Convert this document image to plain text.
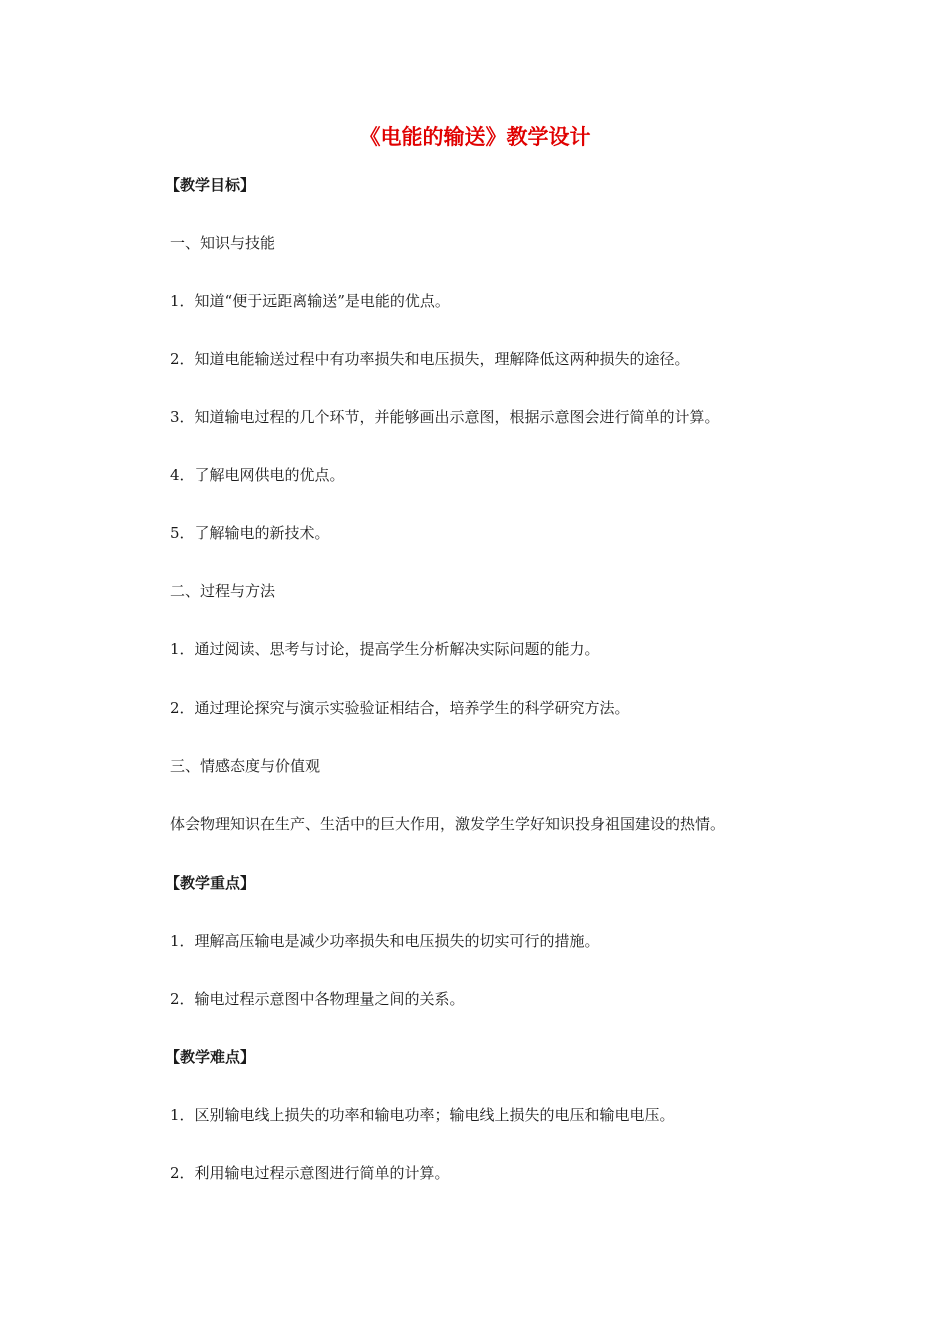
《电能的输送》教学设计
【教学目标】
一、知识与技能
1．知道“便于远距离输送”是电能的优点。
2．知道电能输送过程中有功率损失和电压损失，理解降低这两种损失的途径。
3．知道输电过程的几个环节，并能够画出示意图，根据示意图会进行简单的计算。
4．了解电网供电的优点。
5．了解输电的新技术。
二、过程与方法
1．通过阅读、思考与讨论，提高学生分析解决实际问题的能力。
2．通过理论探究与演示实验验证相结合，培养学生的科学研究方法。
三、情感态度与价值观
体会物理知识在生产、生活中的巨大作用，激发学生学好知识投身祖国建设的热情。
【教学重点】
1．理解高压输电是减少功率损失和电压损失的切实可行的措施。
2．输电过程示意图中各物理量之间的关系。
【教学难点】
1．区别输电线上损失的功率和输电功率；输电线上损失的电压和输电电压。
2．利用输电过程示意图进行简单的计算。
